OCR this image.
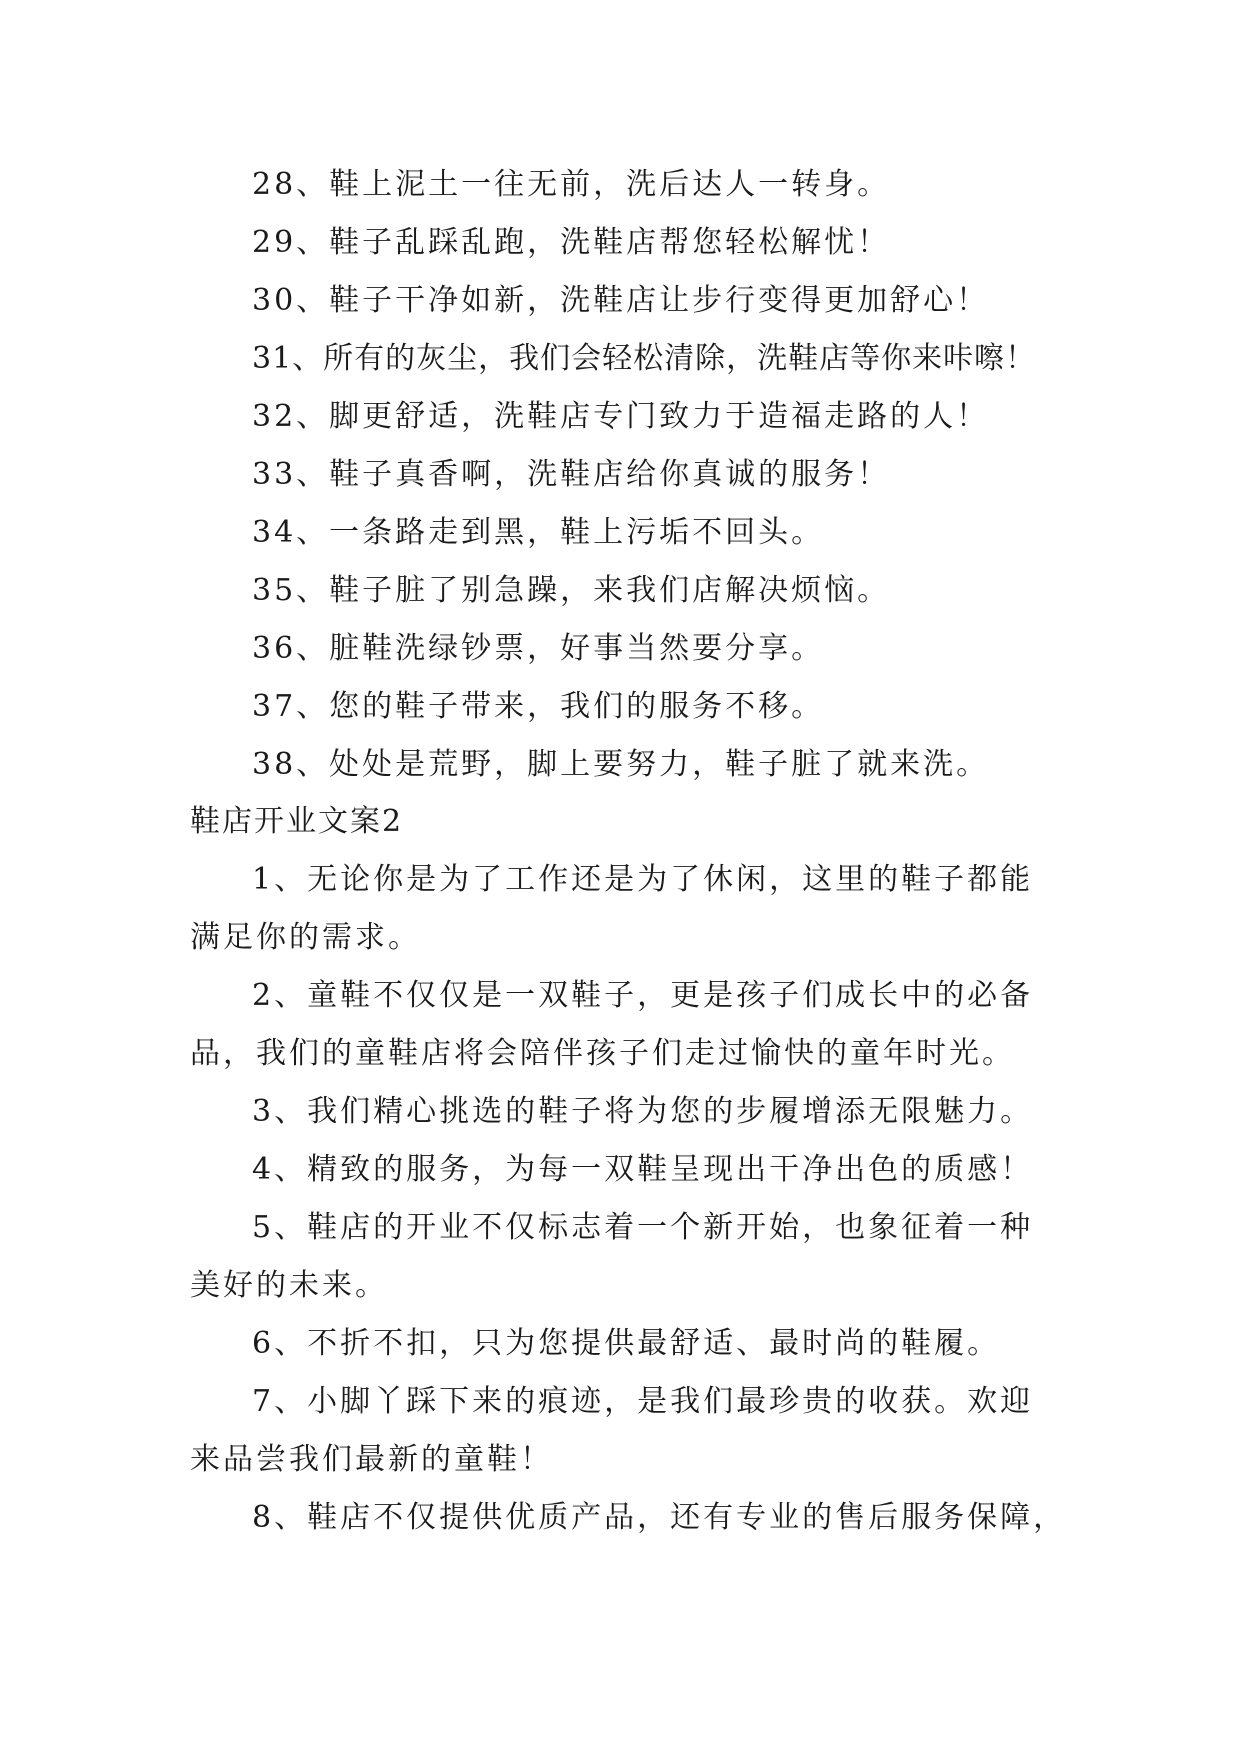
28、鞋上泥土一往无前，洗后达人一转身。

29、鞋子乱踩乱跑，洗鞋店帮您轻松解忧！

30、鞋子干净如新，洗鞋店让步行变得更加舒心！

31、所有的灰尘，我们会轻松清除，洗鞋店等你来咔嚓！

32、脚更舒适，洗鞋店专门致力于造福走路的人！

33、鞋子真香啊，洗鞋店给你真诚的服务！

34、一条路走到黑，鞋上污垢不回头。

35、鞋子脏了别急躁，来我们店解决烦恼。

36、脏鞋洗绿钞票，好事当然要分享。

37、您的鞋子带来，我们的服务不移。

38、处处是荒野，脚上要努力，鞋子脏了就来洗。

鞋店开业文案2

1、无论你是为了工作还是为了休闲，这里的鞋子都能

满足你的需求。

2、童鞋不仅仅是一双鞋子，更是孩子们成长中的必备

品，我们的童鞋店将会陪伴孩子们走过愉快的童年时光。

3、我们精心挑选的鞋子将为您的步履增添无限魅力。

4、精致的服务，为每一双鞋呈现出干净出色的质感！

5、鞋店的开业不仅标志着一个新开始，也象征着一种

美好的未来。

6、不折不扣，只为您提供最舒适、最时尚的鞋履。

7、小脚丫踩下来的痕迹，是我们最珍贵的收获。欢迎

来品尝我们最新的童鞋！

8、鞋店不仅提供优质产品，还有专业的售后服务保障，
